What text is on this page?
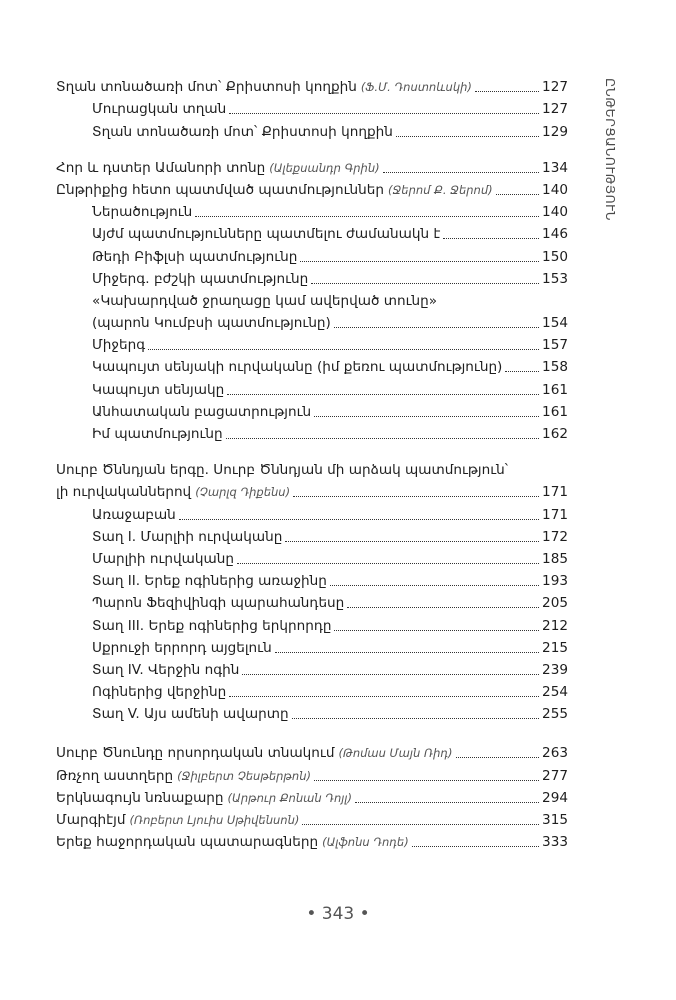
Տղան տոնածառի մոտ՝ Քրիստոսի կողքին (Ֆ.Մ. Դոստոևսկի)	127
Մուրացկան տղան	127
Տղան տոնածառի մոտ՝ Քրիստոսի կողքին	129
Հոր և դստեր Ամանորի տոնը (Ալեքսանդր Գրին)	134
Ընթրիքից հետո պատմված պատմություններ (Ջերոմ Ք. Ջերոմ)	140
Ներածություն	140
Այժմ պատմությունները պատմելու ժամանակն է	146
Թեդի Բիֆլսի պատմությունը	150
Միջերգ․ բժշկի պատմությունը	153
«Կախարդված ջրաղացը կամ ավերված տունը»
(պարոն Կումբսի պատմությունը)	154
Միջերգ	157
Կապույտ սենյակի ուրվականը (իմ քեռու պատմությունը)	158
Կապույտ սենյակը	161
Անհատական բացատրություն	161
Իմ պատմությունը	162
Սուրբ Ծննդյան երգը. Սուրբ Ծննդյան մի արձակ պատմություն՝
լի ուրվականներով (Չարլզ Դիքենս)	171
Առաջաբան	171
Տաղ I. Մարլիի ուրվականը	172
Մարլիի ուրվականը	185
Տաղ II. Երեք ոգիներից առաջինը	193
Պարոն Ֆեզիվինգի պարահանդեսը	205
Տաղ III. Երեք ոգիներից երկրորդը	212
Սքրուջի երրորդ այցելուն	215
Տաղ IV. Վերջին ոգին	239
Ոգիներից վերջինը	254
Տաղ V. Այս ամենի ավարտը	255
Սուրբ Ծնունդը որսորդական տնակում (Թոմաս Մայն Ռիդ)	263
Թռչող աստղերը (Ջիլբերտ Չեսթերթոն)	277
Երկնագույն նռնաքարը (Արթուր Քոնան Դոյլ)	294
Մարգիէյմ (Ռոբերտ Լյուիս Սթիվենսոն)	315
Երեք հաջորդական պատարագները (Ալֆոնս Դոդե)	333
ԸՆԹԵՐՑԱՆՈՒԹՅՈՒՆ
• 343 •
